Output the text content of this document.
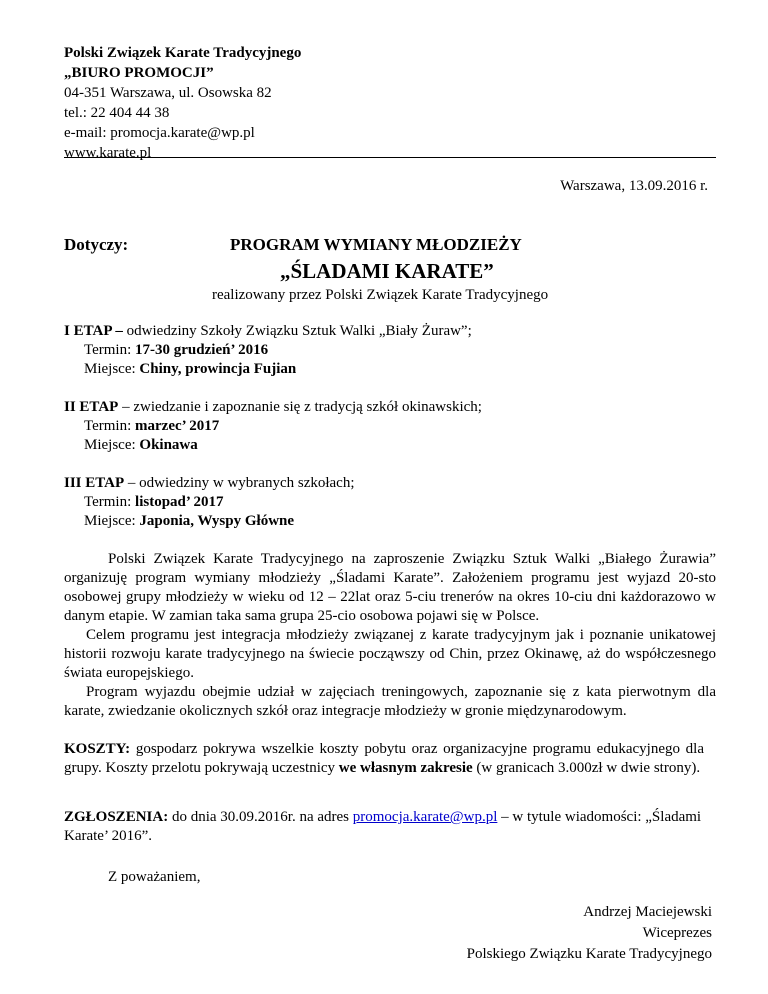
Polski Związek Karate Tradycyjnego
„BIURO PROMOCJI”
04-351 Warszawa, ul. Osowska 82
tel.: 22 404 44 38
e-mail: promocja.karate@wp.pl
www.karate.pl
Warszawa, 13.09.2016 r.
Dotyczy:	PROGRAM WYMIANY MŁODZIEŻY
„ŚLADAMI KARATE”
realizowany przez Polski Związek Karate Tradycyjnego
I ETAP – odwiedziny Szkoły Związku Sztuk Walki „Biały Żuraw”;
Termin: 17-30 grudzień’ 2016
Miejsce: Chiny, prowincja Fujian
II ETAP – zwiedzanie i zapoznanie się z tradycją szkół okinawskich;
Termin: marzec’ 2017
Miejsce: Okinawa
III ETAP – odwiedziny w wybranych szkołach;
Termin: listopad’ 2017
Miejsce: Japonia, Wyspy Główne

Polski Związek Karate Tradycyjnego na zaproszenie Związku Sztuk Walki „Białego Żurawia” organizuję program wymiany młodzieży „Śladami Karate”. Założeniem programu jest wyjazd 20-sto osobowej grupy młodzieży w wieku od 12 – 22lat oraz 5-ciu trenerów na okres 10-ciu dni każdorazowo w danym etapie. W zamian taka sama grupa 25-cio osobowa pojawi się w Polsce.

Celem programu jest integracja młodzieży związanej z karate tradycyjnym jak i poznanie unikatowej historii rozwoju karate tradycyjnego na świecie począwszy od Chin, przez Okinawę, aż do współczesnego świata europejskiego.

Program wyjazdu obejmie udział w zajęciach treningowych, zapoznanie się z kata pierwotnym dla karate, zwiedzanie okolicznych szkół oraz integracje młodzieży w gronie międzynarodowym.

KOSZTY: gospodarz pokrywa wszelkie koszty pobytu oraz organizacyjne programu edukacyjnego dla grupy. Koszty przelotu pokrywają uczestnicy we własnym zakresie (w granicach 3.000zł w dwie strony).
ZGŁOSZENIA: do dnia 30.09.2016r. na adres promocja.karate@wp.pl – w tytule wiadomości: „Śladami Karate’ 2016”.
Z poważaniem,
Andrzej Maciejewski
Wiceprezes
Polskiego Związku Karate Tradycyjnego
